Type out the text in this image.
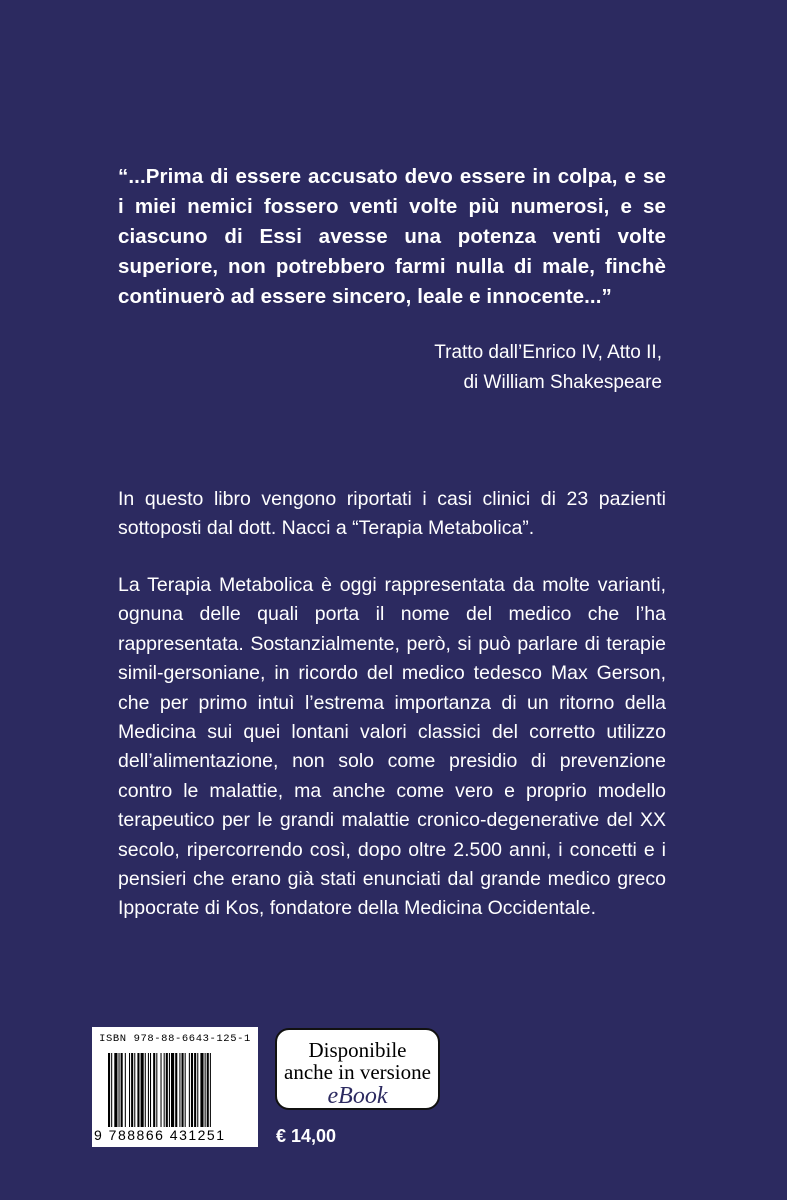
“...Prima di essere accusato devo essere in colpa, e se i miei nemici fossero venti volte più numerosi, e se ciascuno di Essi avesse una potenza venti volte superiore, non potrebbero farmi nulla di male, finchè continuerò ad essere sincero, leale e innocente...”
Tratto dall’Enrico IV, Atto II,
di William Shakespeare
In questo libro vengono riportati i casi clinici di 23 pazienti sottoposti dal dott. Nacci a “Terapia Metabolica”.
La Terapia Metabolica è oggi rappresentata da molte varianti, ognuna delle quali porta il nome del medico che l’ha rappresentata. Sostanzialmente, però, si può parlare di terapie simil-gersoniane, in ricordo del medico tedesco Max Gerson, che per primo intuì l’estrema importanza di un ritorno della Medicina sui quei lontani valori classici del corretto utilizzo dell’alimentazione, non solo come presidio di prevenzione contro le malattie, ma anche come vero e proprio modello terapeutico per le grandi malattie cronico-degenerative del XX secolo, ripercorrendo così, dopo oltre 2.500 anni, i concetti e i pensieri che erano già stati enunciati dal grande medico greco Ippocrate di Kos, fondatore della Medicina Occidentale.
ISBN 978-88-6643-125-1
9 788866 431251
Disponibile
anche in versione
eBook
€ 14,00
